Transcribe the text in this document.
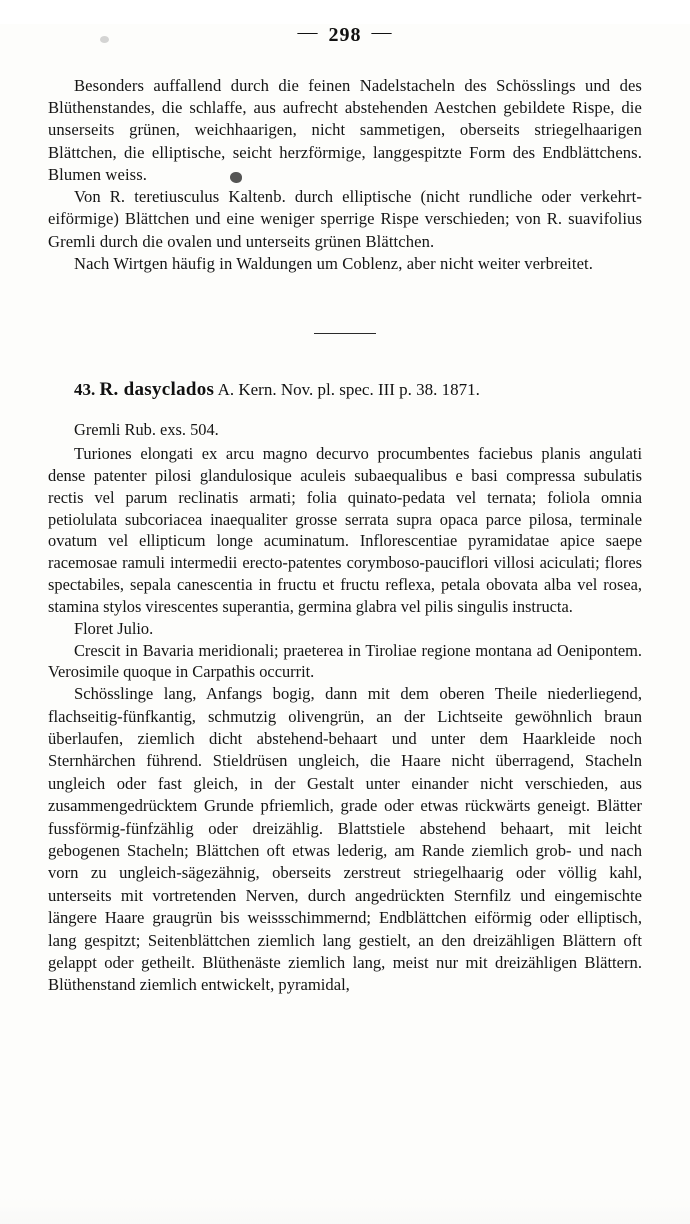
— 298 —

Besonders auffallend durch die feinen Nadelstacheln des Schösslings und des Blüthenstandes, die schlaffe, aus aufrecht abstehenden Aestchen gebildete Rispe, die unserseits grünen, weichhaarigen, nicht sammetigen, oberseits striegelhaarigen Blättchen, die elliptische, seicht herzförmige, langgespitzte Form des Endblättchens. Blumen weiss.

Von R. teretiusculus Kaltenb. durch elliptische (nicht rundliche oder verkehrt-eiförmige) Blättchen und eine weniger sperrige Rispe verschieden; von R. suavifolius Gremli durch die ovalen und unterseits grünen Blättchen.

Nach Wirtgen häufig in Waldungen um Coblenz, aber nicht weiter verbreitet.

43. R. dasyclados A. Kern. Nov. pl. spec. III p. 38. 1871.

Gremli Rub. exs. 504.

Turiones elongati ex arcu magno decurvo procumbentes faciebus planis angulati dense patenter pilosi glandulosique aculeis subaequalibus e basi compressa subulatis rectis vel parum reclinatis armati; folia quinato-pedata vel ternata; foliola omnia petiolulata subcoriacea inaequaliter grosse serrata supra opaca parce pilosa, terminale ovatum vel ellipticum longe acuminatum. Inflorescentiae pyramidatae apice saepe racemosae ramuli intermedii erecto-patentes corymboso-pauciflori villosi aciculati; flores spectabiles, sepala canescentia in fructu et fructu reflexa, petala obovata alba vel rosea, stamina stylos virescentes superantia, germina glabra vel pilis singulis instructa.

Floret Julio.

Crescit in Bavaria meridionali; praeterea in Tiroliae regione montana ad Oenipontem. Verosimile quoque in Carpathis occurrit.

Schösslinge lang, Anfangs bogig, dann mit dem oberen Theile niederliegend, flachseitig-fünfkantig, schmutzig olivengrün, an der Lichtseite gewöhnlich braun überlaufen, ziemlich dicht abstehend-behaart und unter dem Haarkleide noch Sternhärchen führend. Stieldrüsen ungleich, die Haare nicht überragend, Stacheln ungleich oder fast gleich, in der Gestalt unter einander nicht verschieden, aus zusammengedrücktem Grunde pfriemlich, grade oder etwas rückwärts geneigt. Blätter fussförmig-fünfzählig oder dreizählig. Blattstiele abstehend behaart, mit leicht gebogenen Stacheln; Blättchen oft etwas lederig, am Rande ziemlich grob- und nach vorn zu ungleich-sägezähnig, oberseits zerstreut striegelhaarig oder völlig kahl, unterseits mit vortretenden Nerven, durch angedrückten Sternfilz und eingemischte längere Haare graugrün bis weissschimmernd; Endblättchen eiförmig oder elliptisch, lang gespitzt; Seitenblättchen ziemlich lang gestielt, an den dreizähligen Blättern oft gelappt oder getheilt. Blüthenäste ziemlich lang, meist nur mit dreizähligen Blättern. Blüthenstand ziemlich entwickelt, pyramidal,
